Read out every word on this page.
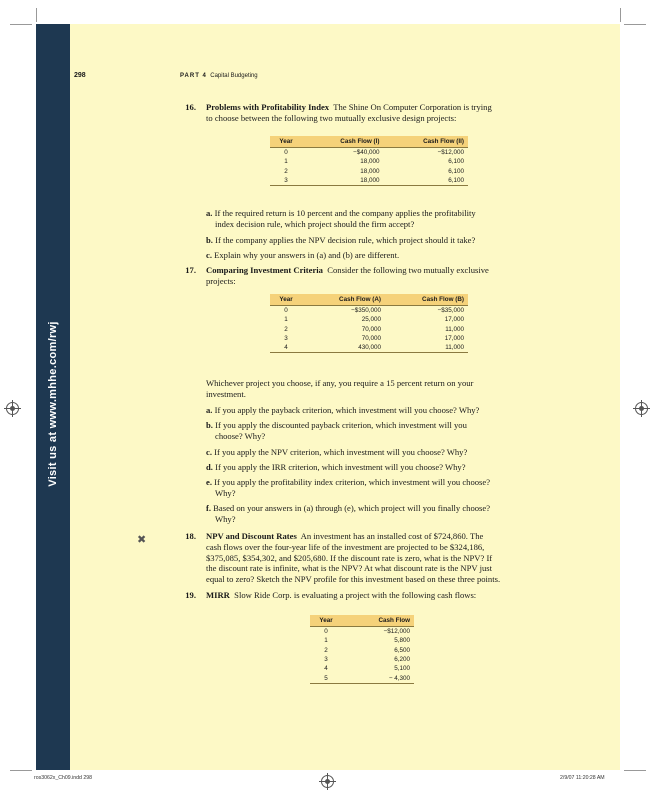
Visit us at www.mhhe.com/rwj
298	PART 4 Capital Budgeting
16. Problems with Profitability Index The Shine On Computer Corporation is trying
to choose between the following two mutually exclusive design projects:
Year	Cash Flow (I)	Cash Flow (II)
0	−$40,000	−$12,000
1	18,000	6,100
2	18,000	6,100
3	18,000	6,100
a. If the required return is 10 percent and the company applies the profitability
index decision rule, which project should the firm accept?
b. If the company applies the NPV decision rule, which project should it take?
c. Explain why your answers in (a) and (b) are different.
17. Comparing Investment Criteria Consider the following two mutually exclusive
projects:
Year	Cash Flow (A)	Cash Flow (B)
0	−$350,000	−$35,000
1	25,000	17,000
2	70,000	11,000
3	70,000	17,000
4	430,000	11,000
Whichever project you choose, if any, you require a 15 percent return on your
investment.
a. If you apply the payback criterion, which investment will you choose? Why?
b. If you apply the discounted payback criterion, which investment will you
choose? Why?
c. If you apply the NPV criterion, which investment will you choose? Why?
d. If you apply the IRR criterion, which investment will you choose? Why?
e. If you apply the profitability index criterion, which investment will you choose?
Why?
f. Based on your answers in (a) through (e), which project will you finally choose?
Why?
✖	18. NPV and Discount Rates An investment has an installed cost of $724,860. The
cash flows over the four-year life of the investment are projected to be $324,186,
$375,085, $354,302, and $205,680. If the discount rate is zero, what is the NPV? If
the discount rate is infinite, what is the NPV? At what discount rate is the NPV just
equal to zero? Sketch the NPV profile for this investment based on these three points.
19. MIRR Slow Ride Corp. is evaluating a project with the following cash flows:
Year	Cash Flow
0	−$12,000
1	5,800
2	6,500
3	6,200
4	5,100
5	− 4,300
ros3062x_Ch09.indd 298	2/9/07 11:20:28 AM
